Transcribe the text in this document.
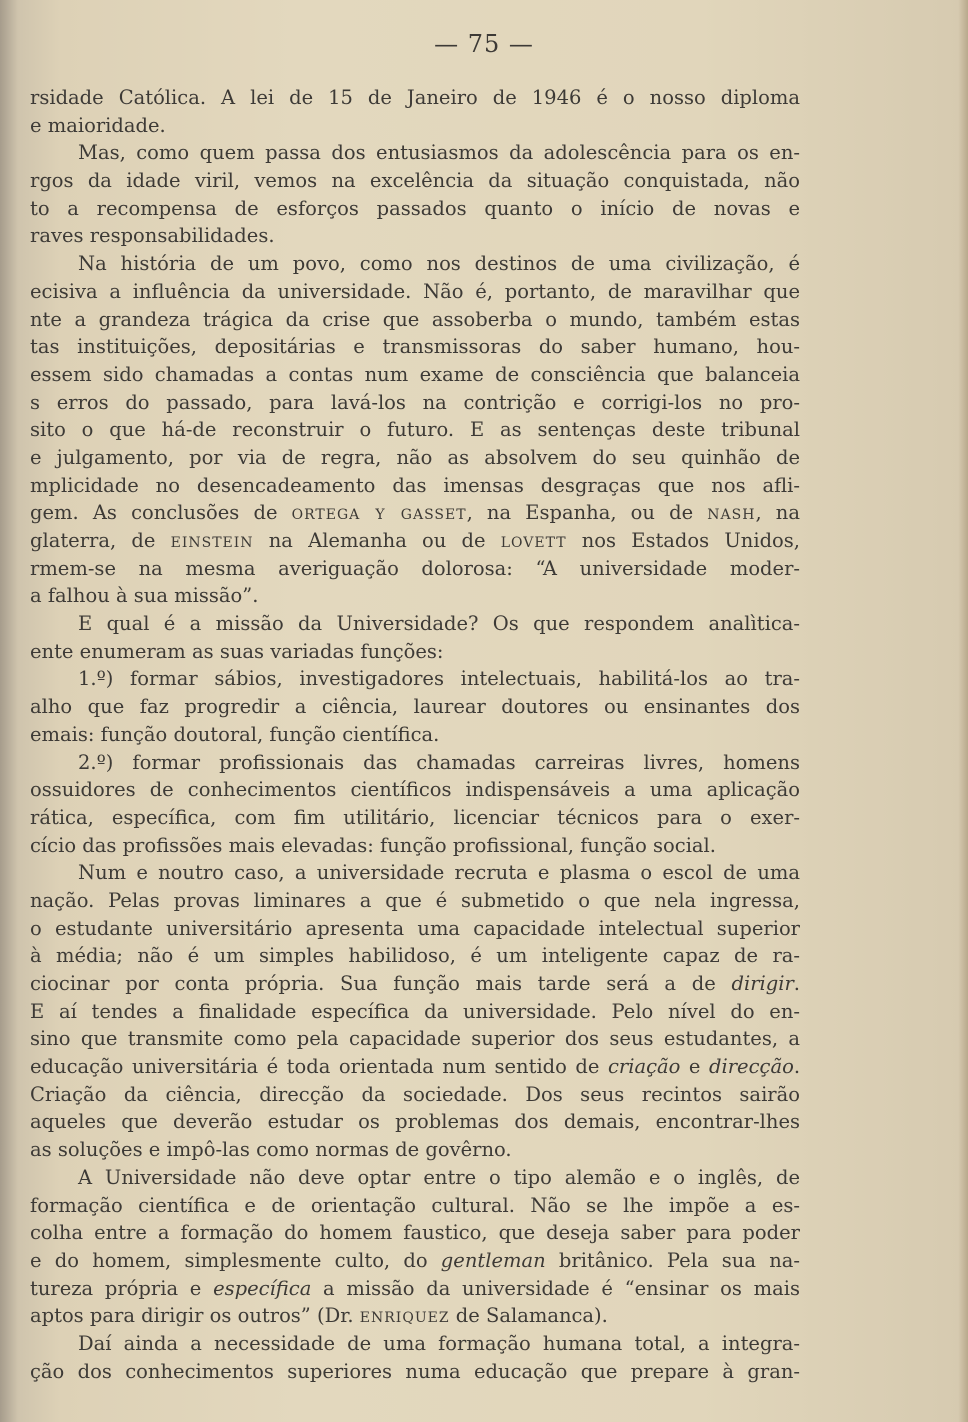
— 75 —
rsidade Católica. A lei de 15 de Janeiro de 1946 é o nosso diploma
e maioridade.
Mas, como quem passa dos entusiasmos da adolescência para os en-
rgos da idade viril, vemos na excelência da situação conquistada, não
to a recompensa de esforços passados quanto o início de novas e
raves responsabilidades.
Na história de um povo, como nos destinos de uma civilização, é
ecisiva a influência da universidade. Não é, portanto, de maravilhar que
nte a grandeza trágica da crise que assoberba o mundo, também estas
tas instituições, depositárias e transmissoras do saber humano, hou-
essem sido chamadas a contas num exame de consciência que balanceia
s erros do passado, para lavá-los na contrição e corrigi-los no pro-
sito o que há-de reconstruir o futuro. E as sentenças deste tribunal
e julgamento, por via de regra, não as absolvem do seu quinhão de
mplicidade no desencadeamento das imensas desgraças que nos afli-
gem. As conclusões de ortega y gasset, na Espanha, ou de nash, na
glaterra, de einstein na Alemanha ou de lovett nos Estados Unidos,
rmem-se na mesma averiguação dolorosa: “A universidade moder-
a falhou à sua missão”.
E qual é a missão da Universidade? Os que respondem analìtica-
ente enumeram as suas variadas funções:
1.º) formar sábios, investigadores intelectuais, habilitá-los ao tra-
alho que faz progredir a ciência, laurear doutores ou ensinantes dos
emais: função doutoral, função científica.
2.º) formar profissionais das chamadas carreiras livres, homens
ossuidores de conhecimentos científicos indispensáveis a uma aplicação
rática, específica, com fim utilitário, licenciar técnicos para o exer-
cício das profissões mais elevadas: função profissional, função social.
Num e noutro caso, a universidade recruta e plasma o escol de uma
nação. Pelas provas liminares a que é submetido o que nela ingressa,
o estudante universitário apresenta uma capacidade intelectual superior
à média; não é um simples habilidoso, é um inteligente capaz de ra-
ciocinar por conta própria. Sua função mais tarde será a de dirigir.
E aí tendes a finalidade específica da universidade. Pelo nível do en-
sino que transmite como pela capacidade superior dos seus estudantes, a
educação universitária é toda orientada num sentido de criação e direcção.
Criação da ciência, direcção da sociedade. Dos seus recintos sairão
aqueles que deverão estudar os problemas dos demais, encontrar-lhes
as soluções e impô-las como normas de govêrno.
A Universidade não deve optar entre o tipo alemão e o inglês, de
formação científica e de orientação cultural. Não se lhe impõe a es-
colha entre a formação do homem faustico, que deseja saber para poder
e do homem, simplesmente culto, do gentleman britânico. Pela sua na-
tureza própria e específica a missão da universidade é “ensinar os mais
aptos para dirigir os outros” (Dr. enriquez de Salamanca).
Daí ainda a necessidade de uma formação humana total, a integra-
ção dos conhecimentos superiores numa educação que prepare à gran-
